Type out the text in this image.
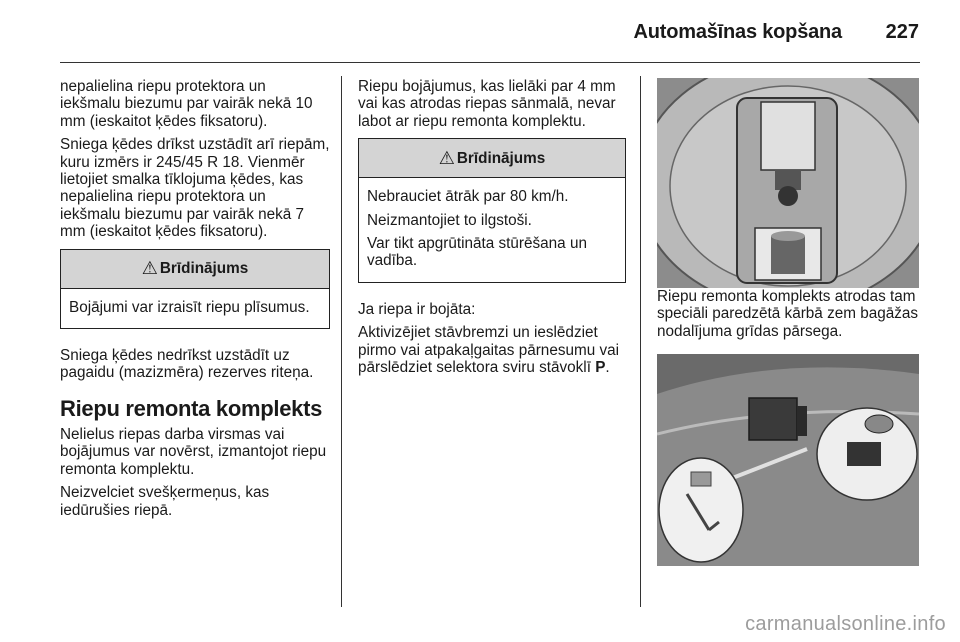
Automašīnas kopšana 227

nepalielina riepu protektora un iekšmalu biezumu par vairāk nekā 10 mm (ieskaitot ķēdes fiksatoru).

Sniega ķēdes drīkst uzstādīt arī riepām, kuru izmērs ir 245/45 R 18. Vienmēr lietojiet smalka tīklojuma ķēdes, kas nepalielina riepu protektora un iekšmalu biezumu par vairāk nekā 7 mm (ieskaitot ķēdes fiksatoru).

⚠ Brīdinājums

Bojājumi var izraisīt riepu plīsumus.

Sniega ķēdes nedrīkst uzstādīt uz pagaidu (mazizmēra) rezerves riteņa.

Riepu remonta komplekts

Nelielus riepas darba virsmas vai bojājumus var novērst, izmantojot riepu remonta komplektu.

Neizvelciet svešķermeņus, kas iedūrušies riepā.

Riepu bojājumus, kas lielāki par 4 mm vai kas atrodas riepas sānmalā, nevar labot ar riepu remonta komplektu.

⚠ Brīdinājums

Nebrauciet ātrāk par 80 km/h.

Neizmantojiet to ilgstoši.

Var tikt apgrūtināta stūrēšana un vadība.

Ja riepa ir bojāta:

Aktivizējiet stāvbremzi un ieslēdziet pirmo vai atpakaļgaitas pārnesumu vai pārslēdziet selektora sviru stāvoklī P.

Riepu remonta komplekts atrodas tam speciāli paredzētā kārbā zem bagāžas nodalījuma grīdas pārsega.

carmanualsonline.info
